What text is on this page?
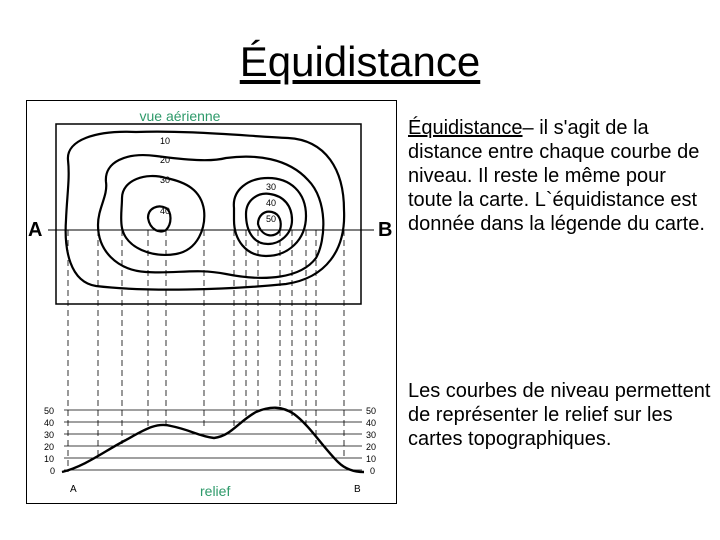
Équidistance
vue aérienne
10
20
30
40
30
40
50
A	B
50
40
30
20
10
0
50
40
30
20
10
0
A	B
relief
Équidistance– il s'agit de la distance entre chaque courbe de niveau. Il reste le même pour toute la carte. L`équidistance est donnée dans la légende du carte.
Les courbes de niveau permettent de représenter le relief sur les cartes topographiques.
